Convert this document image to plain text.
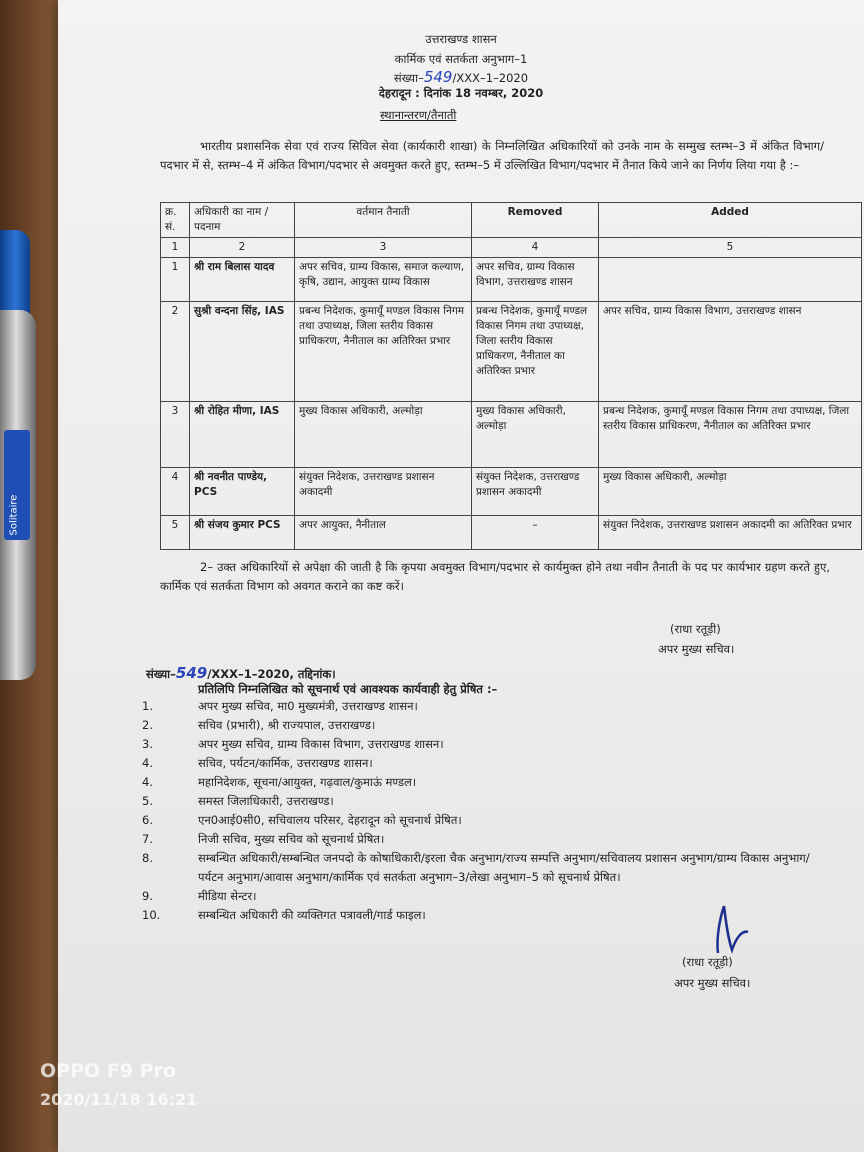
Solitaire
उत्तराखण्ड शासन
कार्मिक एवं सतर्कता अनुभाग–1
संख्या–549/XXX–1–2020
देहरादून : दिनांक 18 नवम्बर, 2020
स्थानान्तरण/तैनाती
भारतीय प्रशासनिक सेवा एवं राज्य सिविल सेवा (कार्यकारी शाखा) के निम्नलिखित अधिकारियों को उनके नाम के सम्मुख स्तम्भ–3 में अंकित विभाग/पदभार में से, स्तम्भ–4 में अंकित विभाग/पदभार से अवमुक्त करते हुए, स्तम्भ–5 में उल्लिखित विभाग/पदभार में तैनात किये जाने का निर्णय लिया गया है :–
क्र. सं.	अधिकारी का नाम /पदनाम	वर्तमान तैनाती	Removed	Added
1	2	3	4	5
1	श्री राम बिलास यादव	अपर सचिव, ग्राम्य विकास, समाज कल्याण, कृषि, उद्यान, आयुक्त ग्राम्य विकास	अपर सचिव, ग्राम्य विकास विभाग, उत्तराखण्ड शासन	
2	सुश्री वन्दना सिंह, IAS	प्रबन्ध निदेशक, कुमायूँ मण्डल विकास निगम तथा उपाध्यक्ष, जिला स्तरीय विकास प्राधिकरण, नैनीताल का अतिरिक्त प्रभार	प्रबन्ध निदेशक, कुमायूँ मण्डल विकास निगम तथा उपाध्यक्ष, जिला स्तरीय विकास प्राधिकरण, नैनीताल का अतिरिक्त प्रभार	अपर सचिव, ग्राम्य विकास विभाग, उत्तराखण्ड शासन
3	श्री रोहित मीणा, IAS	मुख्य विकास अधिकारी, अल्मोड़ा	मुख्य विकास अधिकारी, अल्मोड़ा	प्रबन्ध निदेशक, कुमायूँ मण्डल विकास निगम तथा उपाध्यक्ष, जिला स्तरीय विकास प्राधिकरण, नैनीताल का अतिरिक्त प्रभार
4	श्री नवनीत पाण्डेय, PCS	संयुक्त निदेशक, उत्तराखण्ड प्रशासन अकादमी	संयुक्त निदेशक, उत्तराखण्ड प्रशासन अकादमी	मुख्य विकास अधिकारी, अल्मोड़ा
5	श्री संजय कुमार PCS	अपर आयुक्त, नैनीताल	–	संयुक्त निदेशक, उत्तराखण्ड प्रशासन अकादमी का अतिरिक्त प्रभार
2– उक्त अधिकारियों से अपेक्षा की जाती है कि कृपया अवमुक्त विभाग/पदभार से कार्यमुक्त होने तथा नवीन तैनाती के पद पर कार्यभार ग्रहण करते हुए, कार्मिक एवं सतर्कता विभाग को अवगत कराने का कष्ट करें।
(राधा रतूड़ी)
अपर मुख्य सचिव।
संख्या–549/XXX–1–2020, तद्दिनांक।
प्रतिलिपि निम्नलिखित को सूचनार्थ एवं आवश्यक कार्यवाही हेतु प्रेषित :–
1.	अपर मुख्य सचिव, मा0 मुख्यमंत्री, उत्तराखण्ड शासन।
2.	सचिव (प्रभारी), श्री राज्यपाल, उत्तराखण्ड।
3.	अपर मुख्य सचिव, ग्राम्य विकास विभाग, उत्तराखण्ड शासन।
4.	सचिव, पर्यटन/कार्मिक, उत्तराखण्ड शासन।
4.	महानिदेशक, सूचना/आयुक्त, गढ़वाल/कुमाऊं मण्डल।
5.	समस्त जिलाधिकारी, उत्तराखण्ड।
6.	एन0आई0सी0, सचिवालय परिसर, देहरादून को सूचनार्थ प्रेषित।
7.	निजी सचिव, मुख्य सचिव को सूचनार्थ प्रेषित।
8.	सम्बन्धित अधिकारी/सम्बन्धित जनपदो के कोषाधिकारी/इरला चैक अनुभाग/राज्य सम्पत्ति अनुभाग/सचिवालय प्रशासन अनुभाग/ग्राम्य विकास अनुभाग/पर्यटन अनुभाग/आवास अनुभाग/कार्मिक एवं सतर्कता अनुभाग–3/लेखा अनुभाग–5 को सूचनार्थ प्रेषित।
9.	मीडिया सेन्टर।
10.	सम्बन्धित अधिकारी की व्यक्तिगत पत्रावली/गार्ड फाइल।
(राधा रतूड़ी)
अपर मुख्य सचिव।
OPPO F9 Pro
2020/11/18 16:21
